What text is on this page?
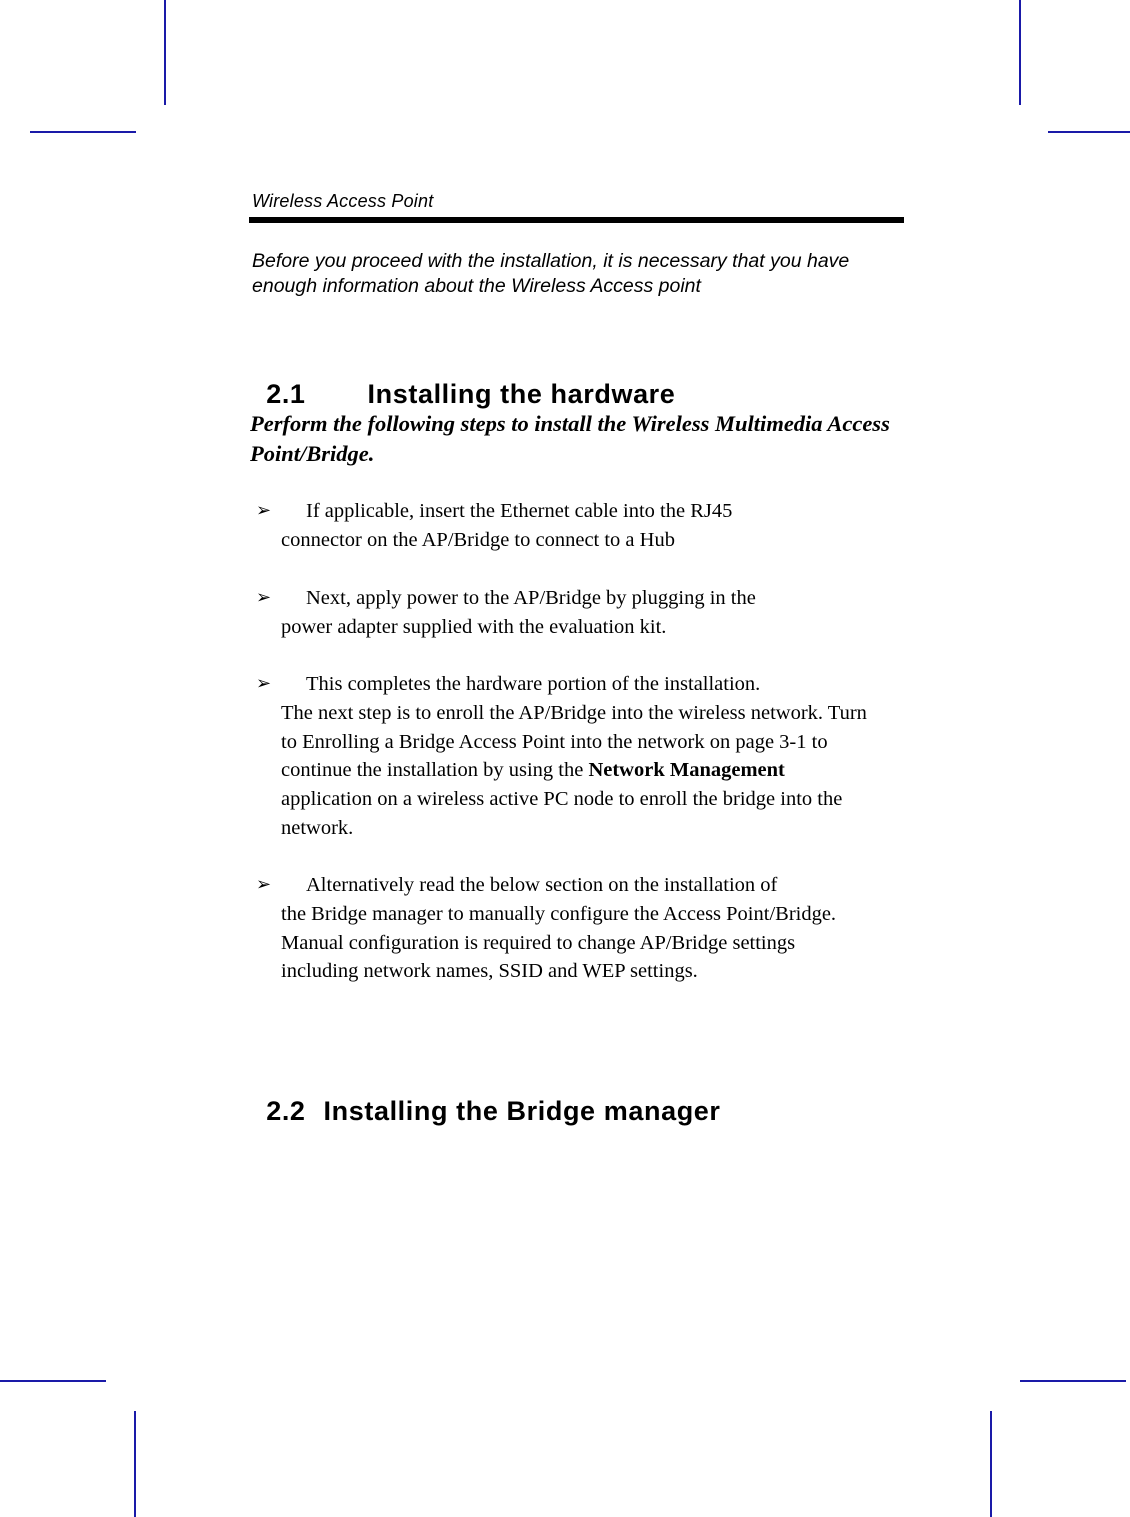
Wireless Access Point
Before you proceed with the installation, it is necessary that you have enough information about the Wireless Access point

2.1 Installing the hardware

Perform the following steps to install the Wireless Multimedia Access Point/Bridge.
➢	If applicable, insert the Ethernet cable into the RJ45
connector on the AP/Bridge to connect to a Hub
➢	Next, apply power to the AP/Bridge by plugging in the
power adapter supplied with the evaluation kit.
➢	This completes the hardware portion of the installation.
The next step is to enroll the AP/Bridge into the wireless network. Turn to Enrolling a Bridge Access Point into the network on page 3-1 to continue the installation by using the Network Management application on a wireless active PC node to enroll the bridge into the network.
➢	Alternatively read the below section on the installation of
the Bridge manager to manually configure the Access Point/Bridge. Manual configuration is required to change AP/Bridge settings including network names, SSID and WEP settings.

2.2 Installing the Bridge manager
